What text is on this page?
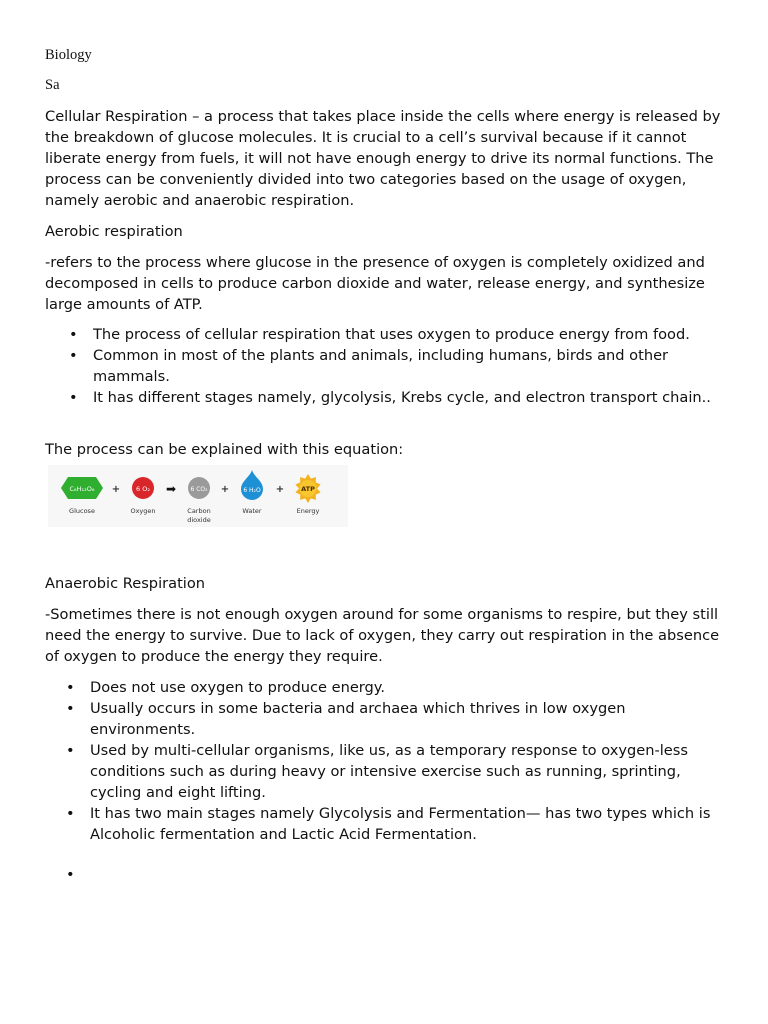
Biology
Sa

Cellular Respiration – a process that takes place inside the cells where energy is released by the breakdown of glucose molecules. It is crucial to a cell’s survival because if it cannot liberate energy from fuels, it will not have enough energy to drive its normal functions. The process can be conveniently divided into two categories based on the usage of oxygen, namely aerobic and anaerobic respiration.

Aerobic respiration

-refers to the process where glucose in the presence of oxygen is completely oxidized and decomposed in cells to produce carbon dioxide and water, release energy, and synthesize large amounts of ATP.

• The process of cellular respiration that uses oxygen to produce energy from food.
• Common in most of the plants and animals, including humans, birds and other mammals.
• It has different stages namely, glycolysis, Krebs cycle, and electron transport chain..

The process can be explained with this equation:

C₆H₁₂O₆
Glucose
+ 6 O₂
Oxygen
➡ 6 CO₂
Carbon
dioxide
+ 6 H₂O
Water
+	ATP
Energy

Anaerobic Respiration

-Sometimes there is not enough oxygen around for some organisms to respire, but they still need the energy to survive. Due to lack of oxygen, they carry out respiration in the absence of oxygen to produce the energy they require.

• Does not use oxygen to produce energy.
• Usually occurs in some bacteria and archaea which thrives in low oxygen environments.
• Used by multi-cellular organisms, like us, as a temporary response to oxygen-less conditions such as during heavy or intensive exercise such as running, sprinting, cycling and eight lifting.
• It has two main stages namely Glycolysis and Fermentation— has two types which is Alcoholic fermentation and Lactic Acid Fermentation.
•
